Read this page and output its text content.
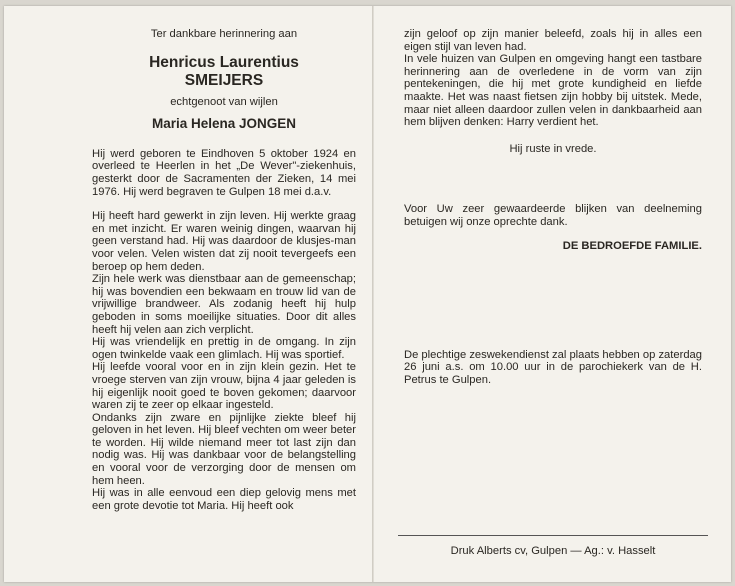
Ter dankbare herinnering aan
Henricus Laurentius
SMEIJERS
echtgenoot van wijlen
Maria Helena JONGEN

Hij werd geboren te Eindhoven 5 oktober 1924 en overleed te Heerlen in het „De Wever"-ziekenhuis, gesterkt door de Sacramenten der Zieken, 14 mei 1976. Hij werd begraven te Gulpen 18 mei d.a.v.

Hij heeft hard gewerkt in zijn leven. Hij werkte graag en met inzicht. Er waren weinig dingen, waarvan hij geen verstand had. Hij was daardoor de klusjes-man voor velen. Velen wisten dat zij nooit tevergeefs een beroep op hem deden.

Zijn hele werk was dienstbaar aan de gemeenschap; hij was bovendien een bekwaam en trouw lid van de vrijwillige brandweer. Als zodanig heeft hij hulp geboden in soms moeilijke situaties. Door dit alles heeft hij velen aan zich verplicht.

Hij was vriendelijk en prettig in de omgang. In zijn ogen twinkelde vaak een glimlach. Hij was sportief.

Hij leefde vooral voor en in zijn klein gezin. Het te vroege sterven van zijn vrouw, bijna 4 jaar geleden is hij eigenlijk nooit goed te boven gekomen; daarvoor waren zij te zeer op elkaar ingesteld.

Ondanks zijn zware en pijnlijke ziekte bleef hij geloven in het leven. Hij bleef vechten om weer beter te worden. Hij wilde niemand meer tot last zijn dan nodig was. Hij was dankbaar voor de belangstelling en vooral voor de verzorging door de mensen om hem heen.

Hij was in alle eenvoud een diep gelovig mens met een grote devotie tot Maria. Hij heeft ook

zijn geloof op zijn manier beleefd, zoals hij in alles een eigen stijl van leven had.

In vele huizen van Gulpen en omgeving hangt een tastbare herinnering aan de overledene in de vorm van zijn pentekeningen, die hij met grote kundigheid en liefde maakte. Het was naast fietsen zijn hobby bij uitstek. Mede, maar niet alleen daardoor zullen velen in dankbaarheid aan hem blijven denken: Harry verdient het.

Hij ruste in vrede.

Voor Uw zeer gewaardeerde blijken van deelneming betuigen wij onze oprechte dank.

DE BEDROEFDE FAMILIE.

De plechtige zeswekendienst zal plaats hebben op zaterdag 26 juni a.s. om 10.00 uur in de parochiekerk van de H. Petrus te Gulpen.

Druk Alberts cv, Gulpen — Ag.: v. Hasselt
